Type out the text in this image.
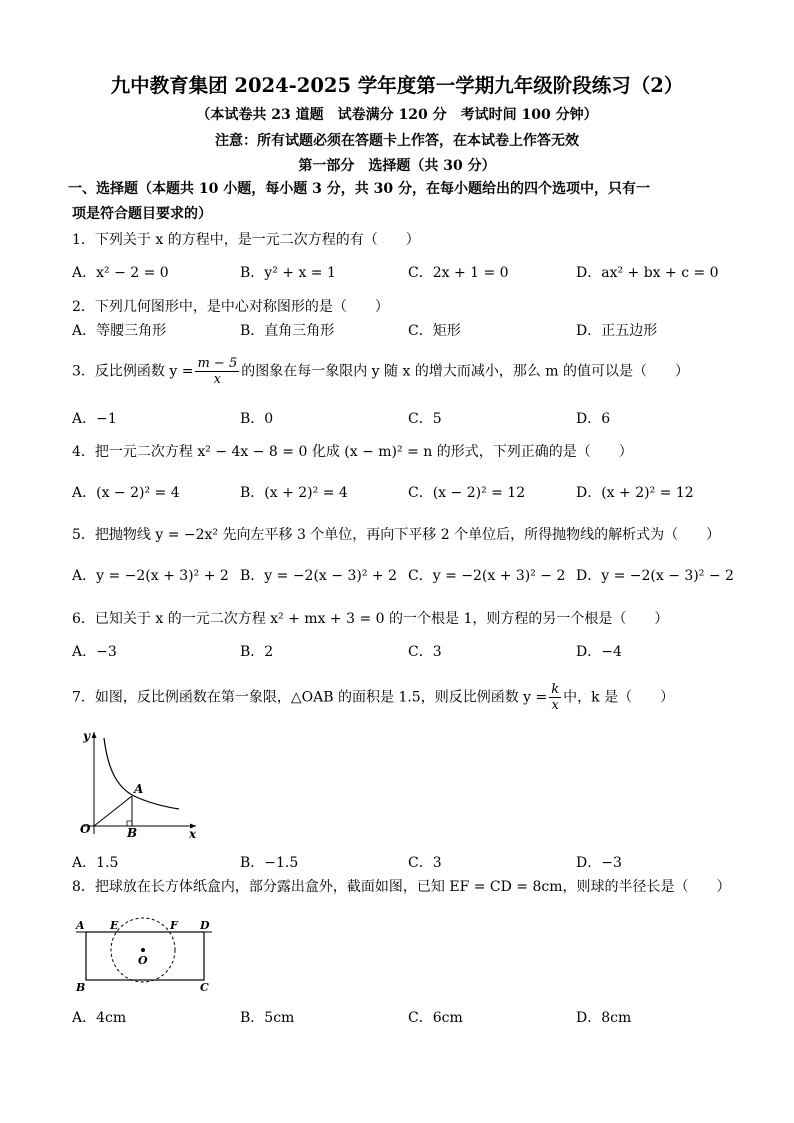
九中教育集团 2024-2025 学年度第一学期九年级阶段练习（2）
（本试卷共 23 道题　试卷满分 120 分　考试时间 100 分钟）
注意：所有试题必须在答题卡上作答，在本试卷上作答无效
第一部分　选择题（共 30 分）
一、选择题（本题共 10 小题，每小题 3 分，共 30 分，在每小题给出的四个选项中，只有一
项是符合题目要求的）
1．下列关于 x 的方程中，是一元二次方程的有（　　）
A．x² − 2 = 0	B．y² + x = 1	C．2x + 1 = 0	D．ax² + bx + c = 0
2．下列几何图形中，是中心对称图形的是（　　）
A．等腰三角形	B．直角三角形	C．矩形	D．正五边形
3．反比例函数 $y = \frac{m - 5}{x}$ 的图象在每一象限内 y 随 x 的增大而减小，那么 m 的值可以是（　　）
A．−1	B．0	C．5	D．6
4．把一元二次方程 x² − 4x − 8 = 0 化成 (x − m)² = n 的形式，下列正确的是（　　）
A．(x − 2)² = 4	B．(x + 2)² = 4	C．(x − 2)² = 12	D．(x + 2)² = 12
5．把抛物线 y = −2x² 先向左平移 3 个单位，再向下平移 2 个单位后，所得抛物线的解析式为（　　）
A．y = −2(x + 3)² + 2 B．y = −2(x − 3)² + 2 C．y = −2(x + 3)² − 2 D．y = −2(x − 3)² − 2
6．已知关于 x 的一元二次方程 x² + mx + 3 = 0 的一个根是 1，则方程的另一个根是（　　）
A．−3	B．2	C．3	D．−4
7．如图，反比例函数在第一象限，△OAB 的面积是 1.5，则反比例函数 $y = \frac{k}{x}$ 中，k 是（　　）
y
x
O
A
B
A．1.5	B．−1.5	C．3	D．−3
8．把球放在长方体纸盒内，部分露出盒外，截面如图，已知 EF = CD = 8cm，则球的半径长是（　　）
A E	F D
B	C
O
A．4cm	B．5cm	C．6cm	D．8cm
